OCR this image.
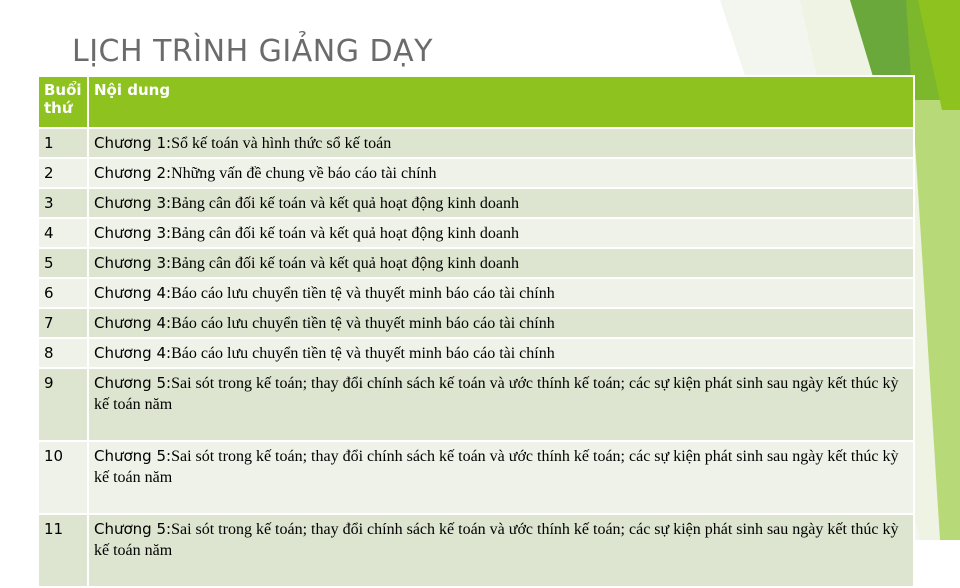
LỊCH TRÌNH GIẢNG DẠY
Buổi thứ	Nội dung
1	Chương 1:Sổ kế toán và hình thức sổ kế toán
2	Chương 2:Những vấn đề chung về báo cáo tài chính
3	Chương 3:Bảng cân đối kế toán và kết quả hoạt động kinh doanh
4	Chương 3:Bảng cân đối kế toán và kết quả hoạt động kinh doanh
5	Chương 3:Bảng cân đối kế toán và kết quả hoạt động kinh doanh
6	Chương 4:Báo cáo lưu chuyển tiền tệ và thuyết minh báo cáo tài chính
7	Chương 4:Báo cáo lưu chuyển tiền tệ và thuyết minh báo cáo tài chính
8	Chương 4:Báo cáo lưu chuyển tiền tệ và thuyết minh báo cáo tài chính
9	Chương 5:Sai sót trong kế toán; thay đổi chính sách kế toán và ước thính kế toán; các sự kiện phát sinh sau ngày kết thúc kỳ kế toán năm
10	Chương 5:Sai sót trong kế toán; thay đổi chính sách kế toán và ước thính kế toán; các sự kiện phát sinh sau ngày kết thúc kỳ kế toán năm
11	Chương 5:Sai sót trong kế toán; thay đổi chính sách kế toán và ước thính kế toán; các sự kiện phát sinh sau ngày kết thúc kỳ kế toán năm
